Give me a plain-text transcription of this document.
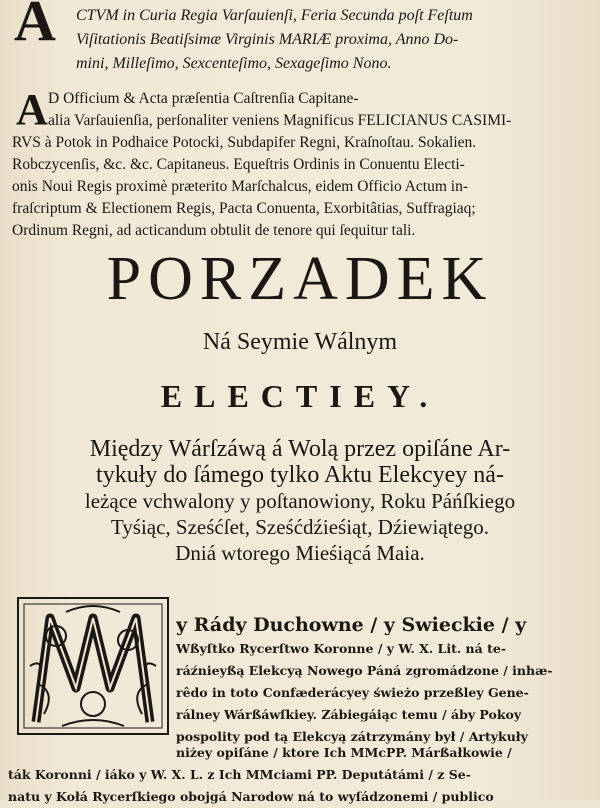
A CTVM in Curia Regia Varſauienſi, Feria Secunda poſt Feſtum
Viſitationis Beatiſsimæ Virginis MARIÆ proxima, Anno Do-
mini, Milleſimo, Sexcenteſimo, Sexageſimo Nono.
A D Officium & Acta præſentia Caſtrenſia Capitane-
alia Varſauienſia, perſonaliter veniens Magnificus FELICIANUS CASIMI-
RVS à Potok in Podhaice Potocki, Subdapifer Regni, Kraſnoſtau. Sokalien.
Robczycenſis, &c. &c. Capitaneus. Equeſtris Ordinis in Conuentu Electi-
onis Noui Regis proximè præterito Marſchalcus, eidem Officio Actum in-
fraſcriptum & Electionem Regis, Pacta Conuenta, Exorbitâtias, Suffragiaq;
Ordinum Regni, ad acticandum obtulit de tenore qui ſequitur tali.
PORZADEK
Ná Seymie Wálnym
ELECTIEY.
Między Wárſzáwą á Wolą przez opiſáne Ar-
tykuły do ſámego tylko Aktu Elekcyey ná-
leżące vchwalony y poſtanowiony, Roku Páńſkiego
Tyśiąc, Sześćſet, Sześćdźieśiąt, Dźiewiątego.
Dniá wtorego Mieśiącá Maia.
y Rády Duchowne / y Swieckie / y
Wßyſtko Rycerſtwo Koronne / y W. X. Lit. ná te-
ráźnieyßą Elekcyą Nowego Páná zgromádzone / inhæ-
rêdo in toto Confæderácyey świeżo przeßley Gene-
rálney Wárßáwſkiey. Zábiegáiąc temu / áby Pokoy
pospolity pod tą Elekcyą zátrzymány był / Artykuły
niżey opiſáne / ktore Ich MMcPP. Márßałkowie /
ták Koronni / iáko y W. X. L. z Ich MMciami PP. Deputátámi / z Se-
natu y Kołá Rycerſkiego obojgá Narodow ná to wyſádzonemi / publico
